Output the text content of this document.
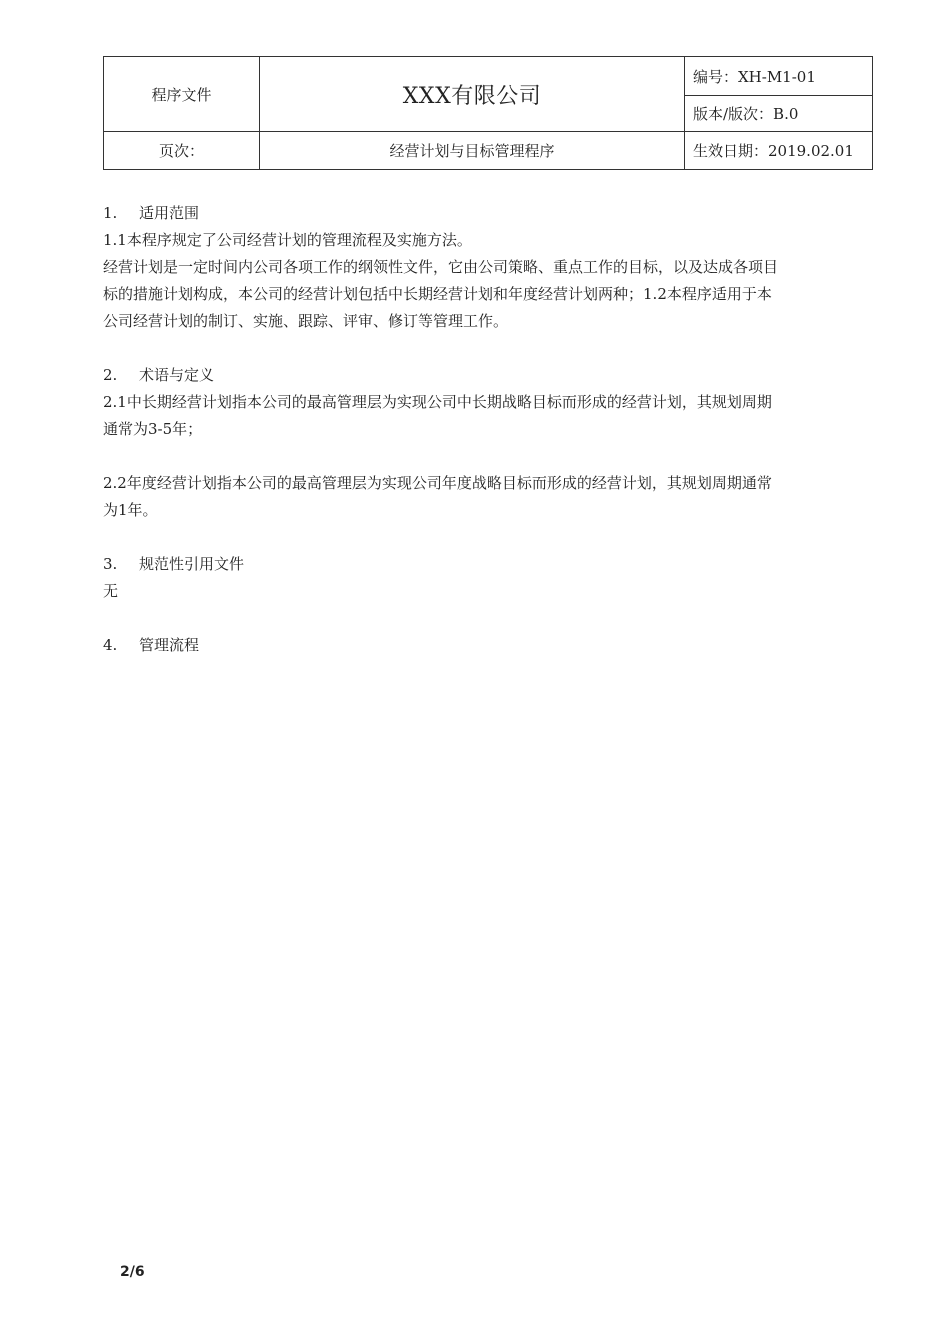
程序文件	XXX有限公司	编号：XH-M1-01
		版本/版次：B.0
页次：	经营计划与目标管理程序	生效日期：2019.02.01
1.	适用范围

1.1本程序规定了公司经营计划的管理流程及实施方法。

经营计划是一定时间内公司各项工作的纲领性文件，它由公司策略、重点工作的目标，以及达成各项目

标的措施计划构成，本公司的经营计划包括中长期经营计划和年度经营计划两种；1.2本程序适用于本

公司经营计划的制订、实施、跟踪、评审、修订等管理工作。

2.	术语与定义

2.1中长期经营计划指本公司的最高管理层为实现公司中长期战略目标而形成的经营计划，其规划周期

通常为3-5年；

2.2年度经营计划指本公司的最高管理层为实现公司年度战略目标而形成的经营计划，其规划周期通常

为1年。

3.	规范性引用文件

无

4.	管理流程
2/6
